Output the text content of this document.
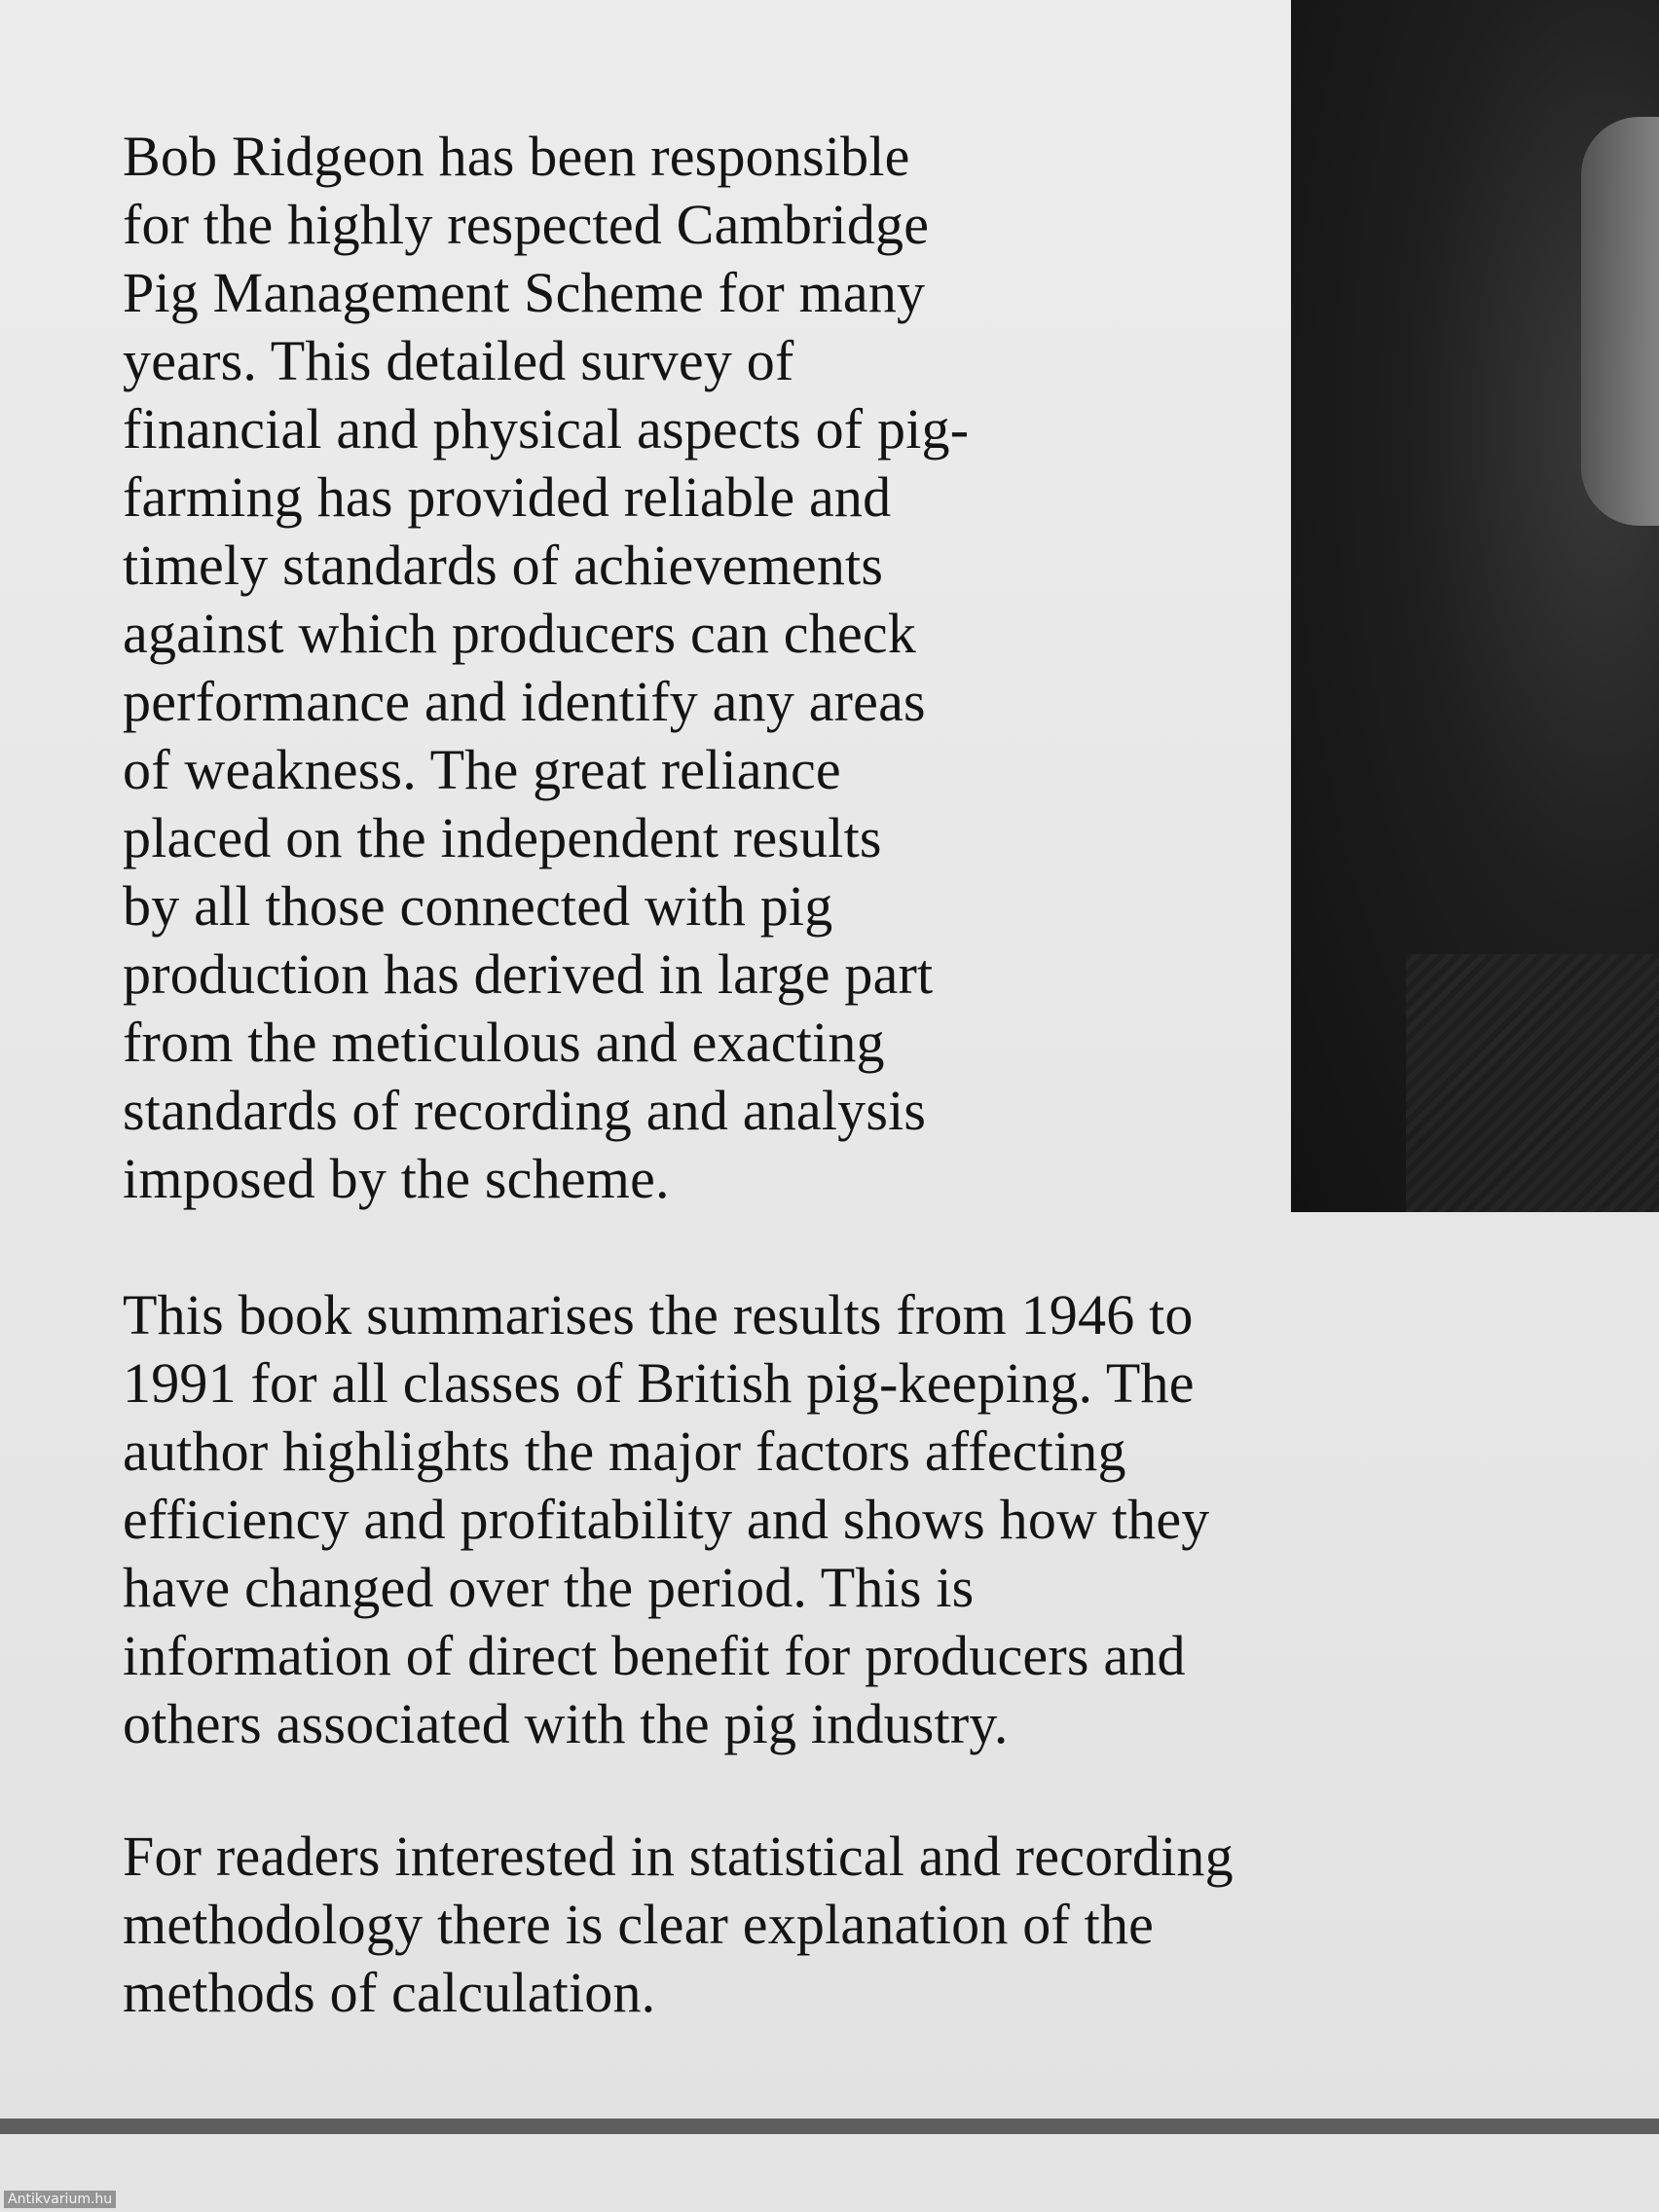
Bob Ridgeon has been responsible
for the highly respected Cambridge
Pig Management Scheme for many
years. This detailed survey of
financial and physical aspects of pig-
farming has provided reliable and
timely standards of achievements
against which producers can check
performance and identify any areas
of weakness. The great reliance
placed on the independent results
by all those connected with pig
production has derived in large part
from the meticulous and exacting
standards of recording and analysis
imposed by the scheme.

This book summarises the results from 1946 to
1991 for all classes of British pig-keeping. The
author highlights the major factors affecting
efficiency and profitability and shows how they
have changed over the period. This is
information of direct benefit for producers and
others associated with the pig industry.

For readers interested in statistical and recording
methodology there is clear explanation of the
methods of calculation.

Antikvarium.hu
